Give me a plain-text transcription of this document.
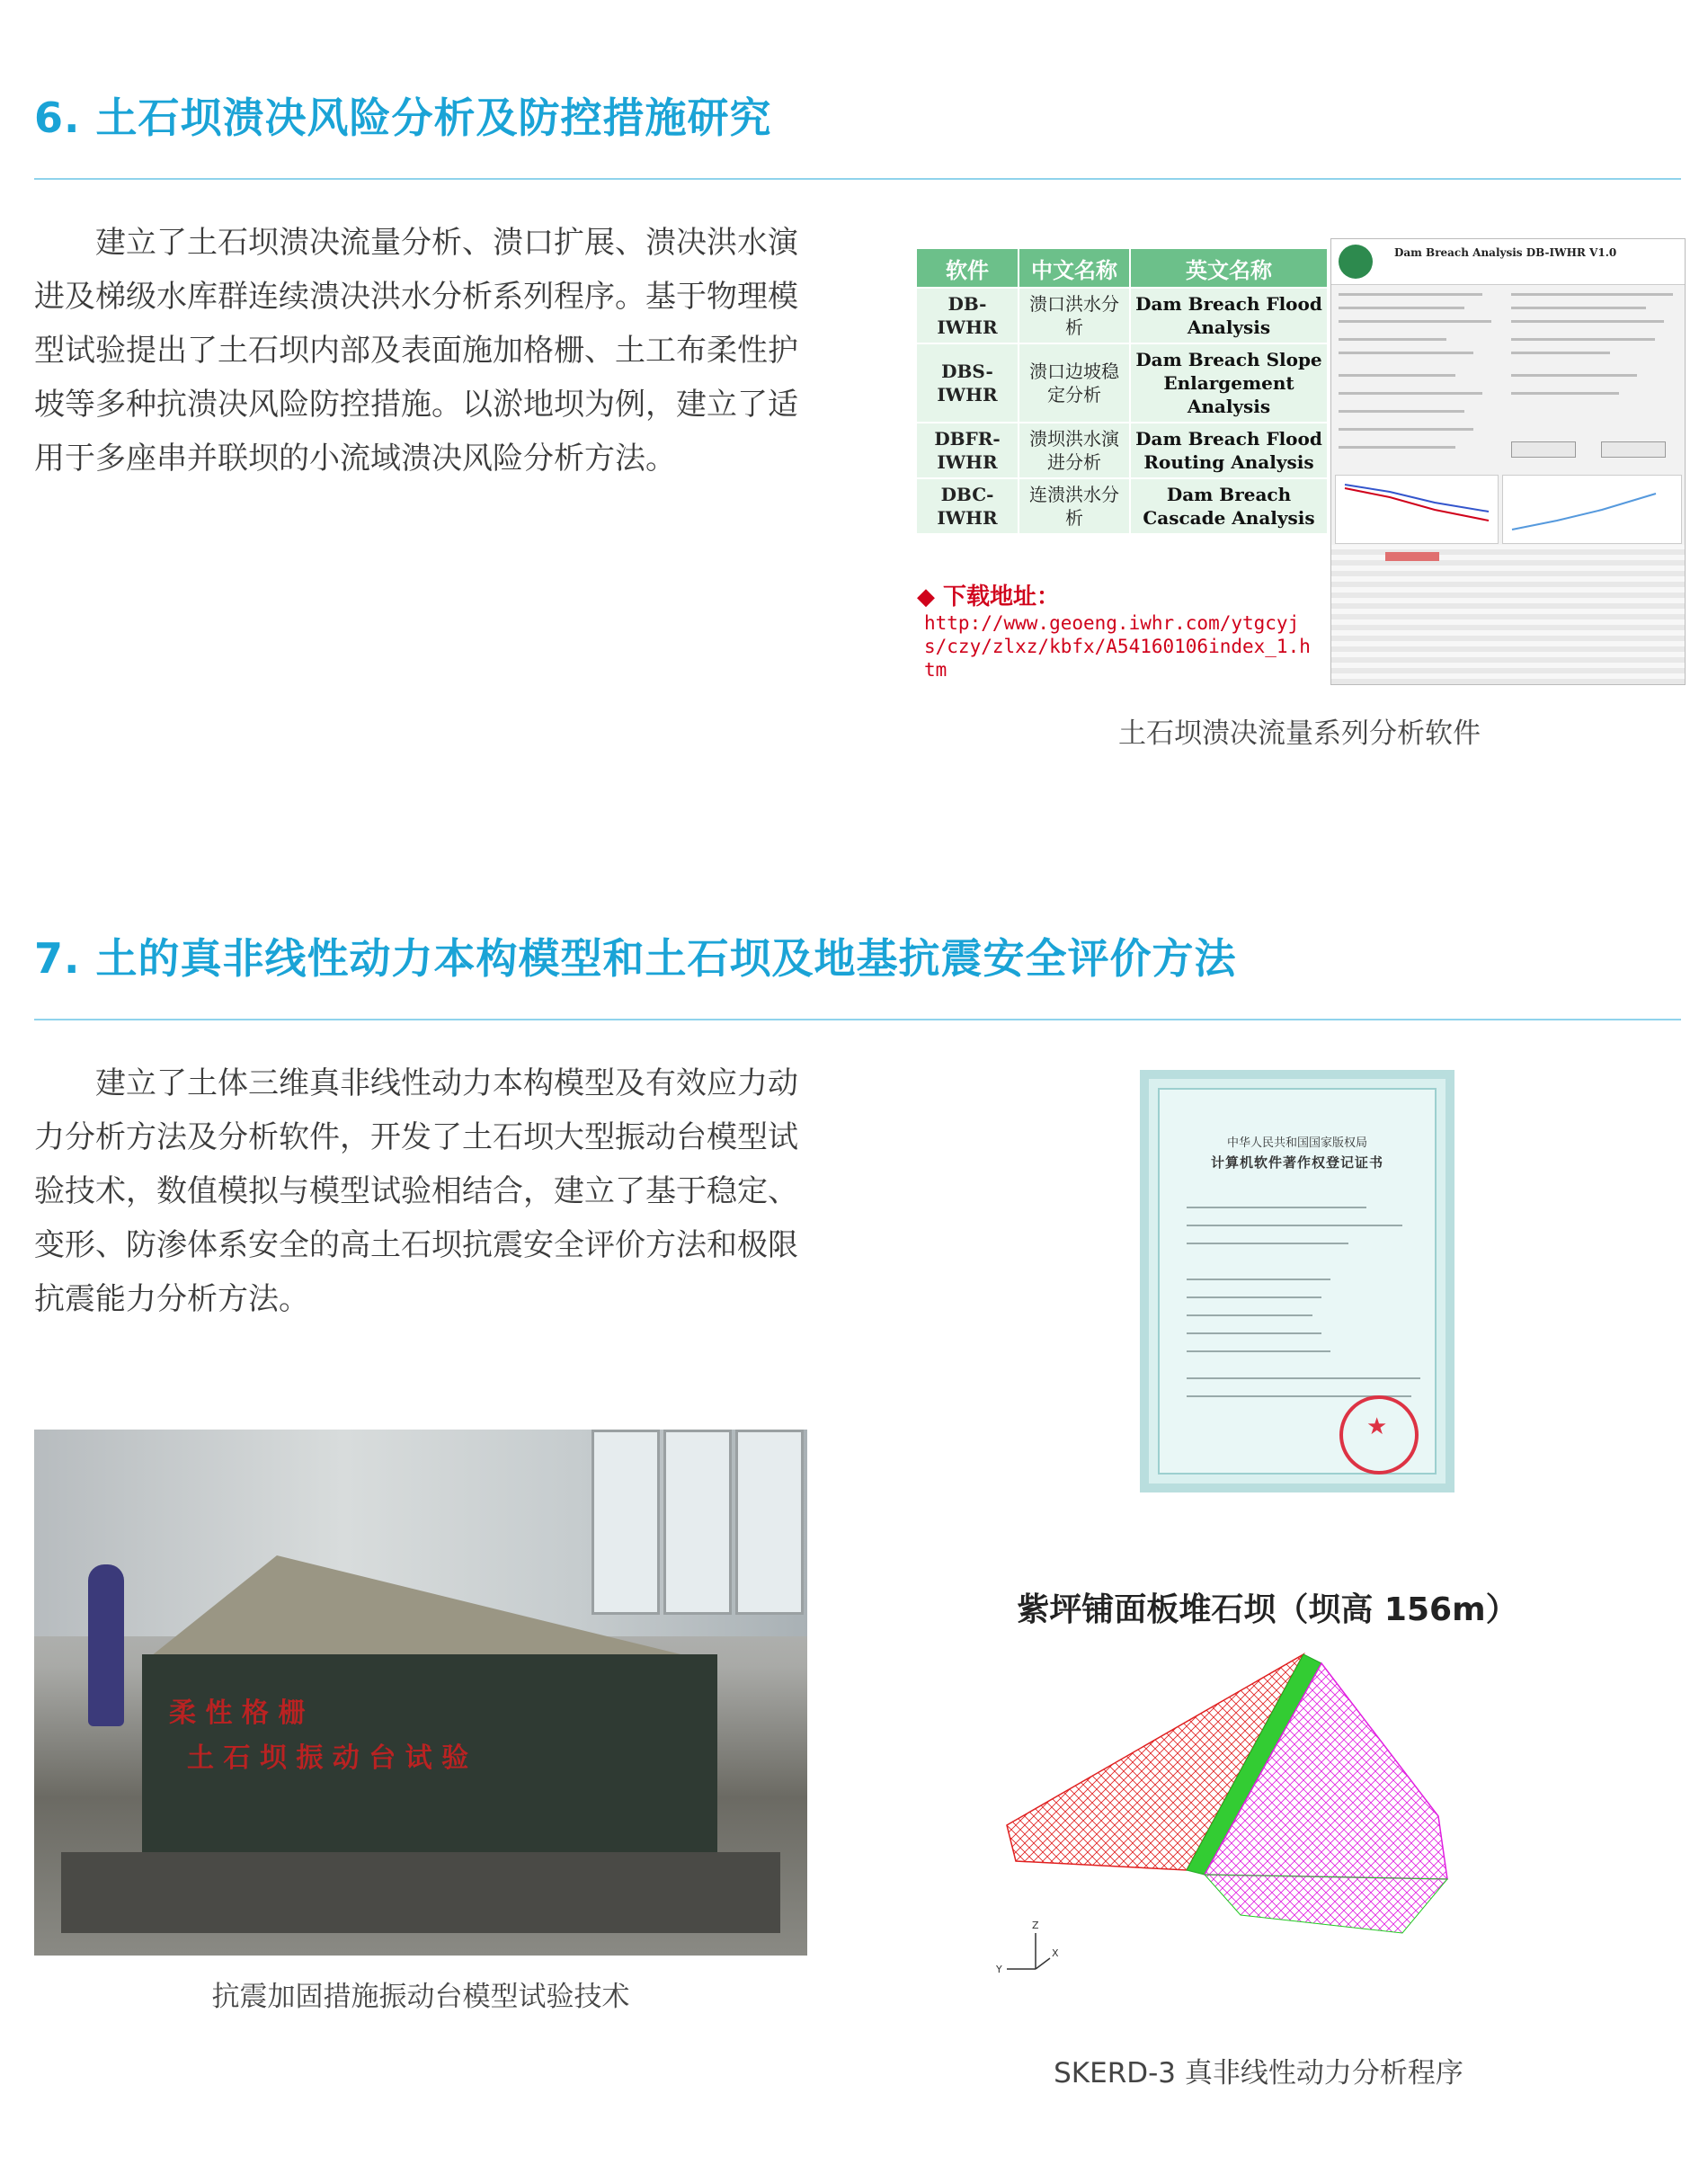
6. 土石坝溃决风险分析及防控措施研究

建立了土石坝溃决流量分析、溃口扩展、溃决洪水演进及梯级水库群连续溃决洪水分析系列程序。基于物理模型试验提出了土石坝内部及表面施加格栅、土工布柔性护坡等多种抗溃决风险防控措施。以淤地坝为例，建立了适用于多座串并联坝的小流域溃决风险分析方法。

软件	中文名称	英文名称
DB-IWHR	溃口洪水分析	Dam Breach Flood Analysis
DBS-IWHR	溃口边坡稳定分析	Dam Breach Slope Enlargement Analysis
DBFR-IWHR	溃坝洪水演进分析	Dam Breach Flood Routing Analysis
DBC-IWHR	连溃洪水分析	Dam Breach Cascade Analysis
◆ 下载地址：
http://www.geoeng.iwhr.com/ytgcyjs/czy/zlxz/kbfx/A54160106index_1.htm
Dam Breach Analysis DB-IWHR V1.0
土石坝溃决流量系列分析软件
7. 土的真非线性动力本构模型和土石坝及地基抗震安全评价方法

建立了土体三维真非线性动力本构模型及有效应力动力分析方法及分析软件，开发了土石坝大型振动台模型试验技术，数值模拟与模型试验相结合，建立了基于稳定、变形、防渗体系安全的高土石坝抗震安全评价方法和极限抗震能力分析方法。

中华人民共和国国家版权局
计算机软件著作权登记证书
★
柔 性 格 栅
土 石 坝 振 动 台 试 验
抗震加固措施振动台模型试验技术
紫坪铺面板堆石坝（坝高 156m）
Z
Y
X
SKERD-3 真非线性动力分析程序
